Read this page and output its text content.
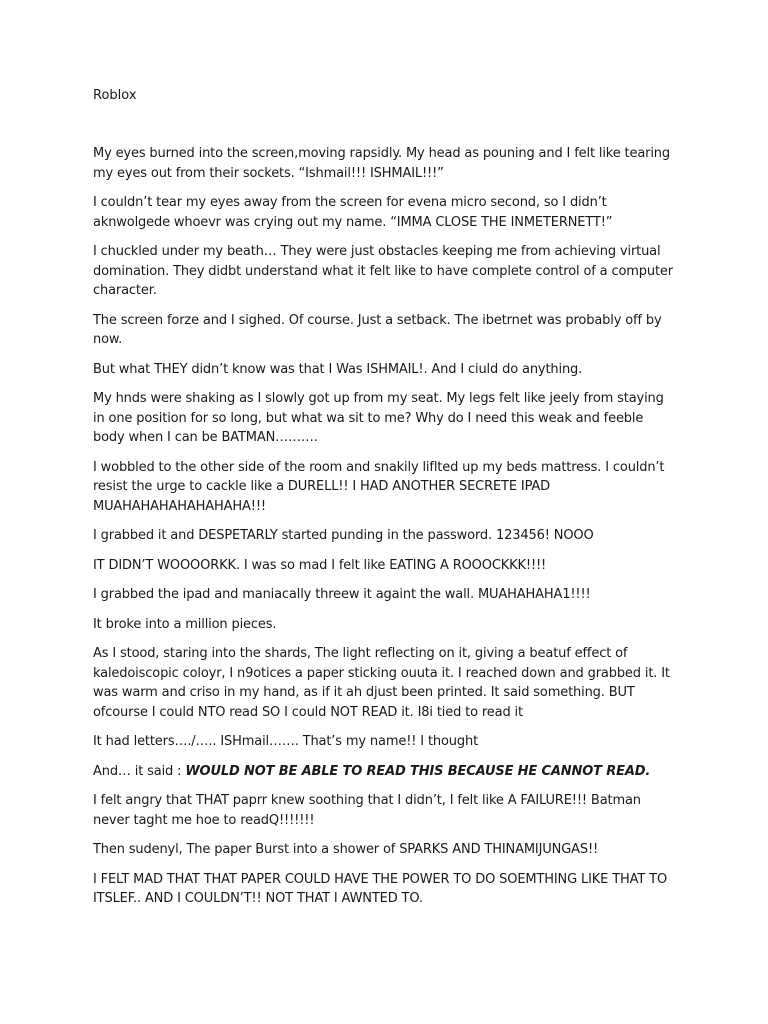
Roblox

My eyes burned into the screen,moving rapsidly. My head as pouning and I felt like tearing my eyes out from their sockets. “Ishmail!!! ISHMAIL!!!”

I couldn’t tear my eyes away from the screen for evena micro second, so I didn’t aknwolgede whoevr was crying out my name. “IMMA CLOSE THE INMETERNETT!”

I chuckled under my beath… They were just obstacles keeping me from achieving virtual domination. They didbt understand what it felt like to have complete control of a computer character.

The screen forze and I sighed. Of course. Just a setback. The ibetrnet was probably off by now.

But what THEY didn’t know was that I Was ISHMAIL!. And I ciuld do anything.

My hnds were shaking as I slowly got up from my seat. My legs felt like jeely from staying in one position for so long, but what wa sit to me? Why do I need this weak and feeble body when I can be BATMAN……….

I wobbled to the other side of the room and snakily liflted up my beds mattress. I couldn’t resist the urge to cackle like a DURELL!! I HAD ANOTHER SECRETE IPAD MUAHAHAHAHAHAHAHA!!!

I grabbed it and DESPETARLY started punding in the password. 123456! NOOO

IT DIDN’T WOOOORKK. I was so mad I felt like EATING A ROOOCKKK!!!!

I grabbed the ipad and maniacally threew it againt the wall. MUAHAHAHA1!!!!

It broke into a million pieces.

As I stood, staring into the shards, The light reflecting on it, giving a beatuf effect of kaledoiscopic coloyr, I n9otices a paper sticking ouuta it. I reached down and grabbed it. It was warm and criso in my hand, as if it ah djust been printed. It said something. BUT ofcourse I could NTO read SO I could NOT READ it. I8i tied to read it

It had letters…./….. ISHmail……. That’s my name!! I thought

And… it said : WOULD NOT BE ABLE TO READ THIS BECAUSE HE CANNOT READ.

I felt angry that THAT paprr knew soothing that I didn’t, I felt like A FAILURE!!! Batman never taght me hoe to readQ!!!!!!!

Then sudenyl, The paper Burst into a shower of SPARKS AND THINAMIJUNGAS!!

I FELT MAD THAT THAT PAPER COULD HAVE THE POWER TO DO SOEMTHING LIKE THAT TO ITSLEF.. AND I COULDN’T!! NOT THAT I AWNTED TO.
